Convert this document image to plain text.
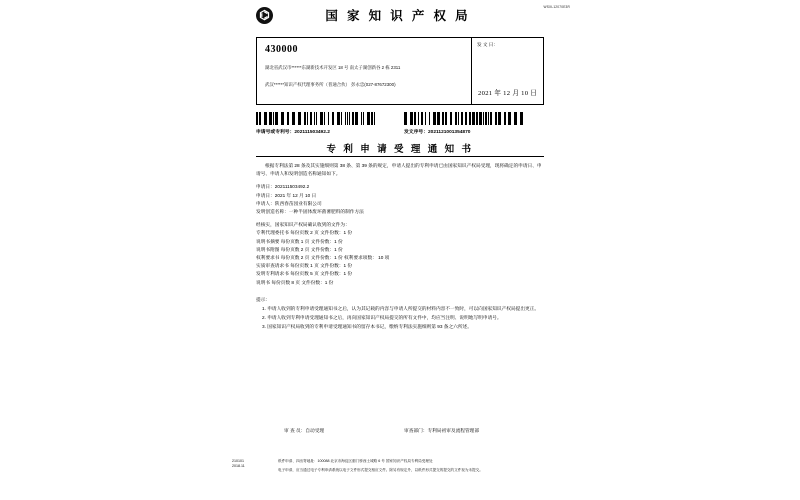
⌬	国 家 知 识 产 权 局
WSXL12070E3R
430000
湖北省武汉市******东湖新技术开发区 18 号 南太子湖创新谷 2 栋 2311
武汉******知识产权代理事务所（普通合伙） 彭永忠(027-87672300)
发 文 日：
2021 年 12 月 10 日
申请号或专利号：202111503492.2	发文序号：2021121001354870
专 利 申 请 受 理 通 知 书
根据专利法第 28 条及其实施细则第 38 条、第 39 条的规定，申请人提出的专利申请已由国家知识产权局受理，现将确定的申请日、申请号、申请人和发明创造名称通知如下。
申请日：202111503492.2
申请日：2021 年 12 月 10 日
申请人：陕西春苗园业有限公司
发明创造名称：一种半固体废坏菌薯肥料的制作方法
经核实，国家知识产权局确认收到的文件为：
专利代理委托书 每份页数 2 页 文件份数：1 份
说明书摘要 每份页数 1 页 文件份数：1 份
说明书附图 每份页数 2 页 文件份数：1 份
权利要求书 每份页数 2 页 文件份数：1 份 权利要求项数： 10 项
实质审查请求书 每份页数 1 页 文件份数：1 份
发明专利请求书 每份页数 5 页 文件份数：1 份
说明书 每份页数 8 页 文件份数：1 份
提示：
1. 申请人收到的专利申请受理通知书之后，认为其记载的内容与申请人所提交的材料内容不一致时，可以向国家知识产权局提出更正。
2. 申请人收到专利申请受理通知书之后，再向国家知识产权局提交的所有文件中，均应当注明、说明地写明申请号。
3. 国家知识产权局收到的专利申请受理通知书的留存本书记，缴纳专利法实施细则第 93 条之六所述。
审 查 员：自动受理	审查部门：专利局初审及流程管理部
210101
2018.11
纸件申请、四出寄地址：100088 北京市海淀区蓟门桥西土城路 6 号 国家知识产权局专利局受理处
电子申请，应当通过电子专利申请系统以电子文件形式提交相应文件。除另有规定外，以纸件形式提交的提交的文件视为未提交。
